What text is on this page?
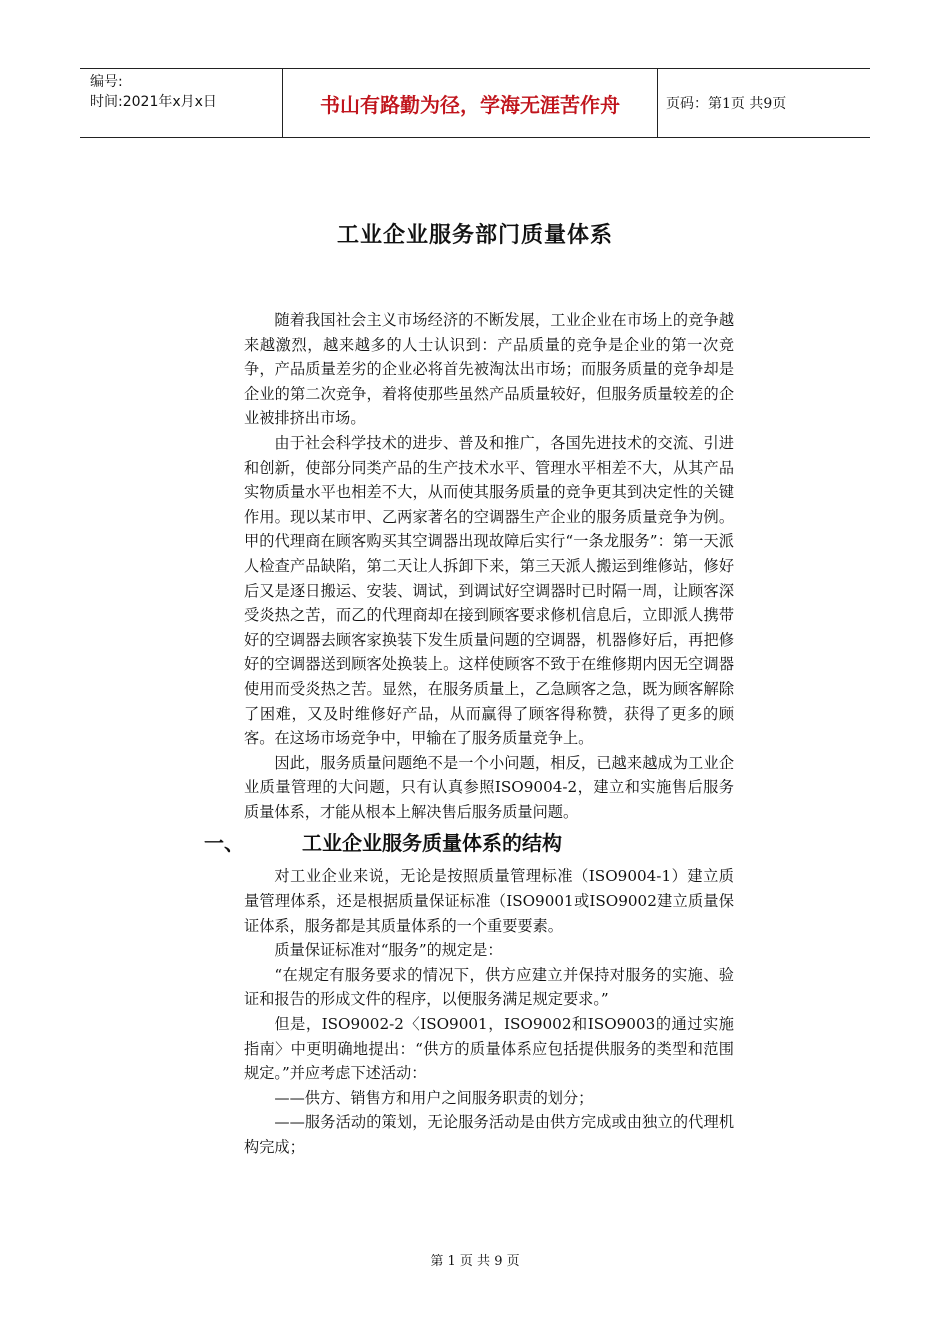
编号:
时间:2021年x月x日	书山有路勤为径，学海无涯苦作舟	页码：第1页 共9页
工业企业服务部门质量体系

随着我国社会主义市场经济的不断发展，工业企业在市场上的竞争越来越激烈，越来越多的人士认识到：产品质量的竞争是企业的第一次竞争，产品质量差劣的企业必将首先被淘汰出市场；而服务质量的竞争却是企业的第二次竞争，着将使那些虽然产品质量较好，但服务质量较差的企业被排挤出市场。

由于社会科学技术的进步、普及和推广，各国先进技术的交流、引进和创新，使部分同类产品的生产技术水平、管理水平相差不大，从其产品实物质量水平也相差不大，从而使其服务质量的竞争更其到决定性的关键作用。现以某市甲、乙两家著名的空调器生产企业的服务质量竞争为例。甲的代理商在顾客购买其空调器出现故障后实行“一条龙服务”：第一天派人检查产品缺陷，第二天让人拆卸下来，第三天派人搬运到维修站，修好后又是逐日搬运、安装、调试，到调试好空调器时已时隔一周，让顾客深受炎热之苦，而乙的代理商却在接到顾客要求修机信息后，立即派人携带好的空调器去顾客家换装下发生质量问题的空调器，机器修好后，再把修好的空调器送到顾客处换装上。这样使顾客不致于在维修期内因无空调器使用而受炎热之苦。显然，在服务质量上，乙急顾客之急，既为顾客解除了困难，又及时维修好产品，从而赢得了顾客得称赞，获得了更多的顾客。在这场市场竞争中，甲输在了服务质量竞争上。

因此，服务质量问题绝不是一个小问题，相反，已越来越成为工业企业质量管理的大问题，只有认真参照ISO9004-2，建立和实施售后服务质量体系，才能从根本上解决售后服务质量问题。

一、	工业企业服务质量体系的结构

对工业企业来说，无论是按照质量管理标准（ISO9004-1）建立质量管理体系，还是根据质量保证标准（ISO9001或ISO9002建立质量保证体系，服务都是其质量体系的一个重要要素。

质量保证标准对“服务”的规定是：

“在规定有服务要求的情况下，供方应建立并保持对服务的实施、验证和报告的形成文件的程序，以便服务满足规定要求。”

但是，ISO9002-2〈ISO9001，ISO9002和ISO9003的通过实施指南〉中更明确地提出：“供方的质量体系应包括提供服务的类型和范围规定。”并应考虑下述活动：

——供方、销售方和用户之间服务职责的划分；

——服务活动的策划，无论服务活动是由供方完成或由独立的代理机构完成；

第 1 页 共 9 页
